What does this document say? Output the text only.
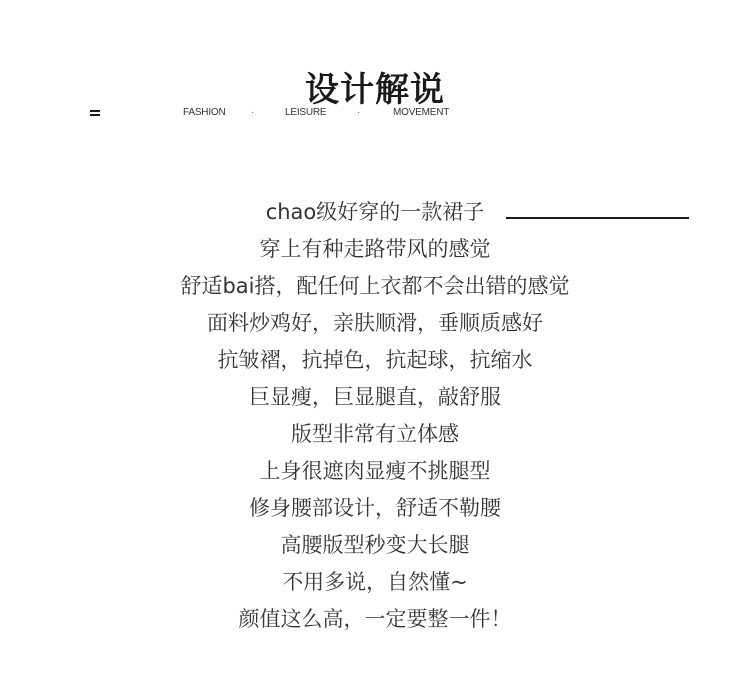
设计解说
FASHION	·	LEISURE	·	MOVEMENT
chao级好穿的一款裙子
穿上有种走路带风的感觉
舒适bai搭，配任何上衣都不会出错的感觉
面料炒鸡好，亲肤顺滑，垂顺质感好
抗皱褶，抗掉色，抗起球，抗缩水
巨显瘦，巨显腿直，敲舒服
版型非常有立体感
上身很遮肉显瘦不挑腿型
修身腰部设计，舒适不勒腰
高腰版型秒变大长腿
不用多说，自然懂~
颜值这么高，一定要整一件！
